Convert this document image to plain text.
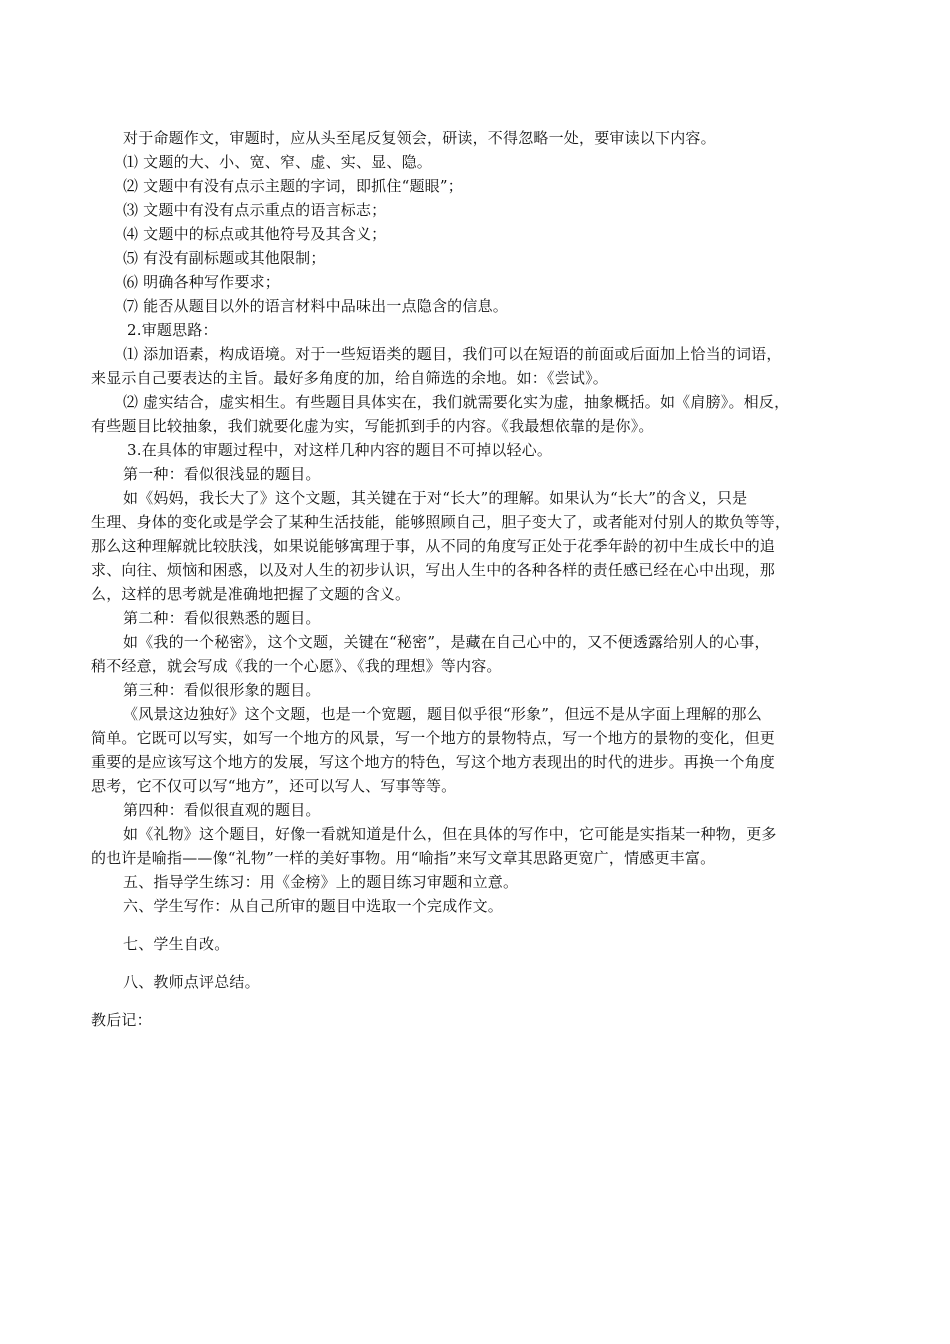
对于命题作文，审题时，应从头至尾反复领会，研读，不得忽略一处，要审读以下内容。
⑴ 文题的大、小、宽、窄、虚、实、显、隐。
⑵ 文题中有没有点示主题的字词，即抓住“题眼”；
⑶ 文题中有没有点示重点的语言标志；
⑷ 文题中的标点或其他符号及其含义；
⑸ 有没有副标题或其他限制；
⑹ 明确各种写作要求；
⑺ 能否从题目以外的语言材料中品味出一点隐含的信息。
2.审题思路：
⑴ 添加语素，构成语境。对于一些短语类的题目，我们可以在短语的前面或后面加上恰当的词语，
来显示自己要表达的主旨。最好多角度的加，给自筛选的余地。如：《尝试》。
⑵ 虚实结合，虚实相生。有些题目具体实在，我们就需要化实为虚，抽象概括。如《肩膀》。相反，
有些题目比较抽象，我们就要化虚为实，写能抓到手的内容。《我最想依靠的是你》。
3.在具体的审题过程中，对这样几种内容的题目不可掉以轻心。
第一种：看似很浅显的题目。
如《妈妈，我长大了》这个文题，其关键在于对“长大”的理解。如果认为“长大”的含义，只是
生理、身体的变化或是学会了某种生活技能，能够照顾自己，胆子变大了，或者能对付别人的欺负等等，
那么这种理解就比较肤浅，如果说能够寓理于事，从不同的角度写正处于花季年龄的初中生成长中的追
求、向往、烦恼和困惑，以及对人生的初步认识，写出人生中的各种各样的责任感已经在心中出现，那
么，这样的思考就是准确地把握了文题的含义。
第二种：看似很熟悉的题目。
如《我的一个秘密》，这个文题，关键在“秘密”，是藏在自己心中的，又不便透露给别人的心事，
稍不经意，就会写成《我的一个心愿》、《我的理想》等内容。
第三种：看似很形象的题目。
《风景这边独好》这个文题，也是一个宽题，题目似乎很“形象”，但远不是从字面上理解的那么
简单。它既可以写实，如写一个地方的风景，写一个地方的景物特点，写一个地方的景物的变化，但更
重要的是应该写这个地方的发展，写这个地方的特色，写这个地方表现出的时代的进步。再换一个角度
思考，它不仅可以写“地方”，还可以写人、写事等等。
第四种：看似很直观的题目。
如《礼物》这个题目，好像一看就知道是什么，但在具体的写作中，它可能是实指某一种物，更多
的也许是喻指——像“礼物”一样的美好事物。用“喻指”来写文章其思路更宽广，情感更丰富。
五、指导学生练习：用《金榜》上的题目练习审题和立意。
六、学生写作：从自己所审的题目中选取一个完成作文。
七、学生自改。
八、教师点评总结。
教后记：
